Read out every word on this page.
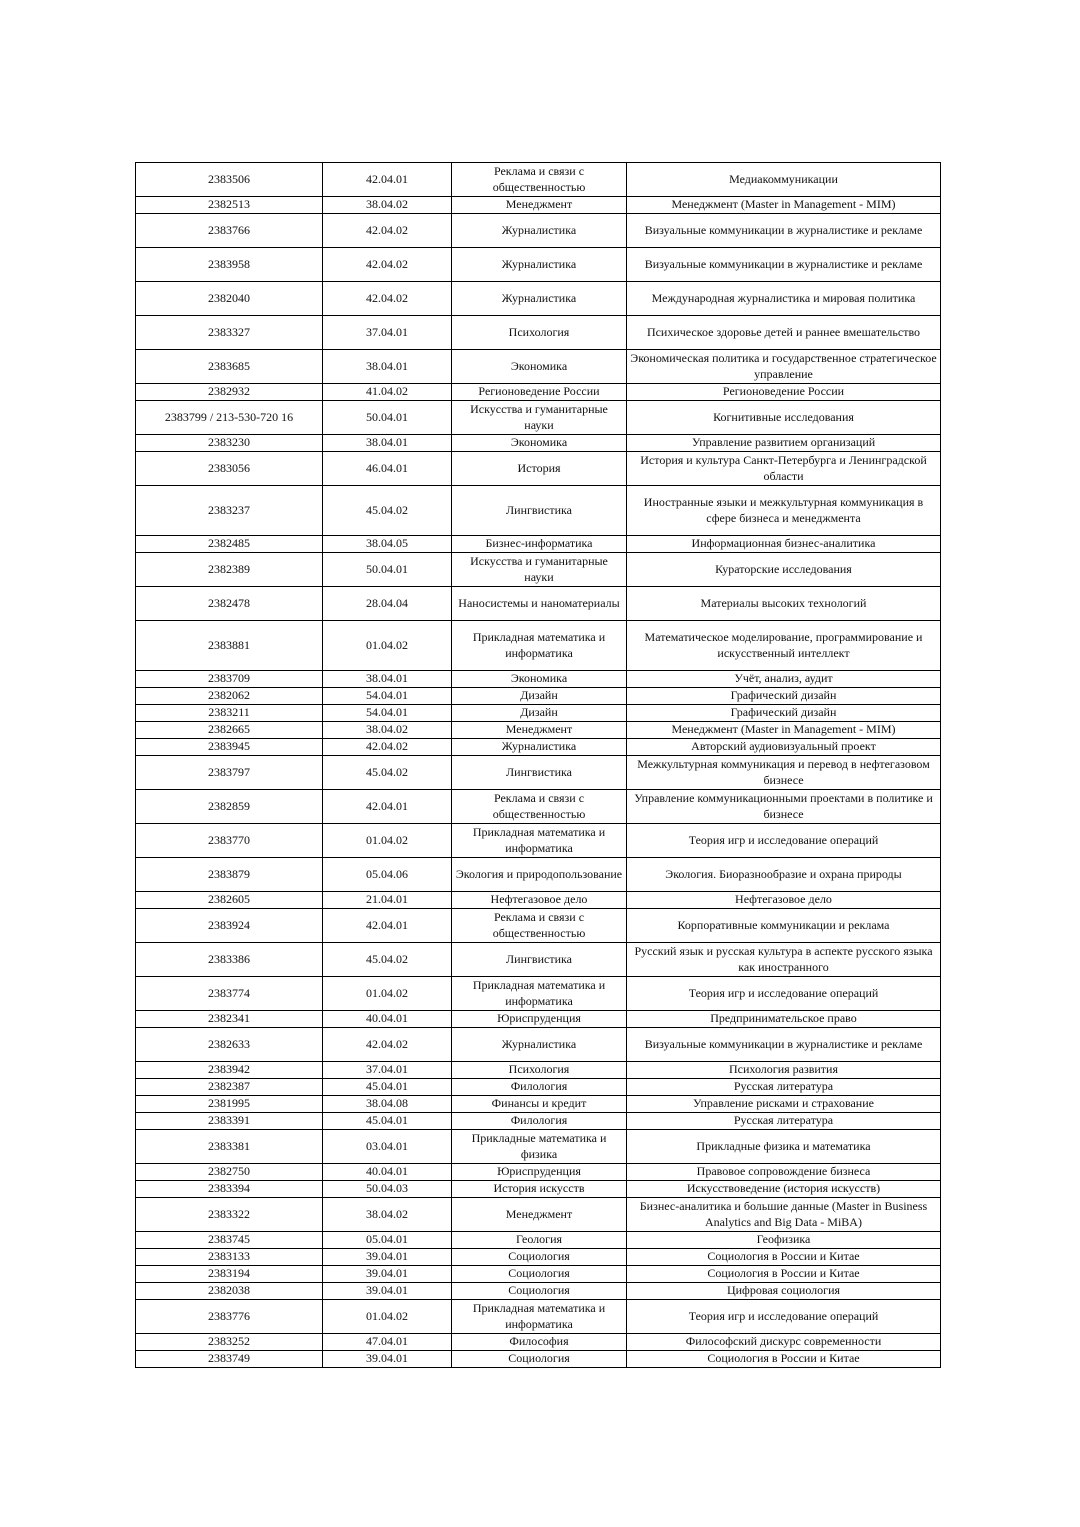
2383506	42.04.01	Реклама и связи с общественностью	Медиакоммуникации
2382513	38.04.02	Менеджмент	Менеджмент (Master in Management - MIM)
2383766	42.04.02	Журналистика	Визуальные коммуникации в журналистике и рекламе
2383958	42.04.02	Журналистика	Визуальные коммуникации в журналистике и рекламе
2382040	42.04.02	Журналистика	Международная журналистика и мировая политика
2383327	37.04.01	Психология	Психическое здоровье детей и раннее вмешательство
2383685	38.04.01	Экономика	Экономическая политика и государственное стратегическое управление
2382932	41.04.02	Регионоведение России	Регионоведение России
2383799 / 213-530-720 16	50.04.01	Искусства и гуманитарные науки	Когнитивные исследования
2383230	38.04.01	Экономика	Управление развитием организаций
2383056	46.04.01	История	История и культура Санкт-Петербурга и Ленинградской области
2383237	45.04.02	Лингвистика	Иностранные языки и межкультурная коммуникация в сфере бизнеса и менеджмента
2382485	38.04.05	Бизнес-информатика	Информационная бизнес-аналитика
2382389	50.04.01	Искусства и гуманитарные науки	Кураторские исследования
2382478	28.04.04	Наносистемы и наноматериалы	Материалы высоких технологий
2383881	01.04.02	Прикладная математика и информатика	Математическое моделирование, программирование и искусственный интеллект
2383709	38.04.01	Экономика	Учёт, анализ, аудит
2382062	54.04.01	Дизайн	Графический дизайн
2383211	54.04.01	Дизайн	Графический дизайн
2382665	38.04.02	Менеджмент	Менеджмент (Master in Management - MIM)
2383945	42.04.02	Журналистика	Авторский аудиовизуальный проект
2383797	45.04.02	Лингвистика	Межкультурная коммуникация и перевод в нефтегазовом бизнесе
2382859	42.04.01	Реклама и связи с общественностью	Управление коммуникационными проектами в политике и бизнесе
2383770	01.04.02	Прикладная математика и информатика	Теория игр и исследование операций
2383879	05.04.06	Экология и природопользование	Экология. Биоразнообразие и охрана природы
2382605	21.04.01	Нефтегазовое дело	Нефтегазовое дело
2383924	42.04.01	Реклама и связи с общественностью	Корпоративные коммуникации и реклама
2383386	45.04.02	Лингвистика	Русский язык и русская культура в аспекте русского языка как иностранного
2383774	01.04.02	Прикладная математика и информатика	Теория игр и исследование операций
2382341	40.04.01	Юриспруденция	Предпринимательское право
2382633	42.04.02	Журналистика	Визуальные коммуникации в журналистике и рекламе
2383942	37.04.01	Психология	Психология развития
2382387	45.04.01	Филология	Русская литература
2381995	38.04.08	Финансы и кредит	Управление рисками и страхование
2383391	45.04.01	Филология	Русская литература
2383381	03.04.01	Прикладные математика и физика	Прикладные физика и математика
2382750	40.04.01	Юриспруденция	Правовое сопровождение бизнеса
2383394	50.04.03	История искусств	Искусствоведение (история искусств)
2383322	38.04.02	Менеджмент	Бизнес-аналитика и большие данные (Master in Business Analytics and Big Data - MiBA)
2383745	05.04.01	Геология	Геофизика
2383133	39.04.01	Социология	Социология в России и Китае
2383194	39.04.01	Социология	Социология в России и Китае
2382038	39.04.01	Социология	Цифровая социология
2383776	01.04.02	Прикладная математика и информатика	Теория игр и исследование операций
2383252	47.04.01	Философия	Философский дискурс современности
2383749	39.04.01	Социология	Социология в России и Китае
